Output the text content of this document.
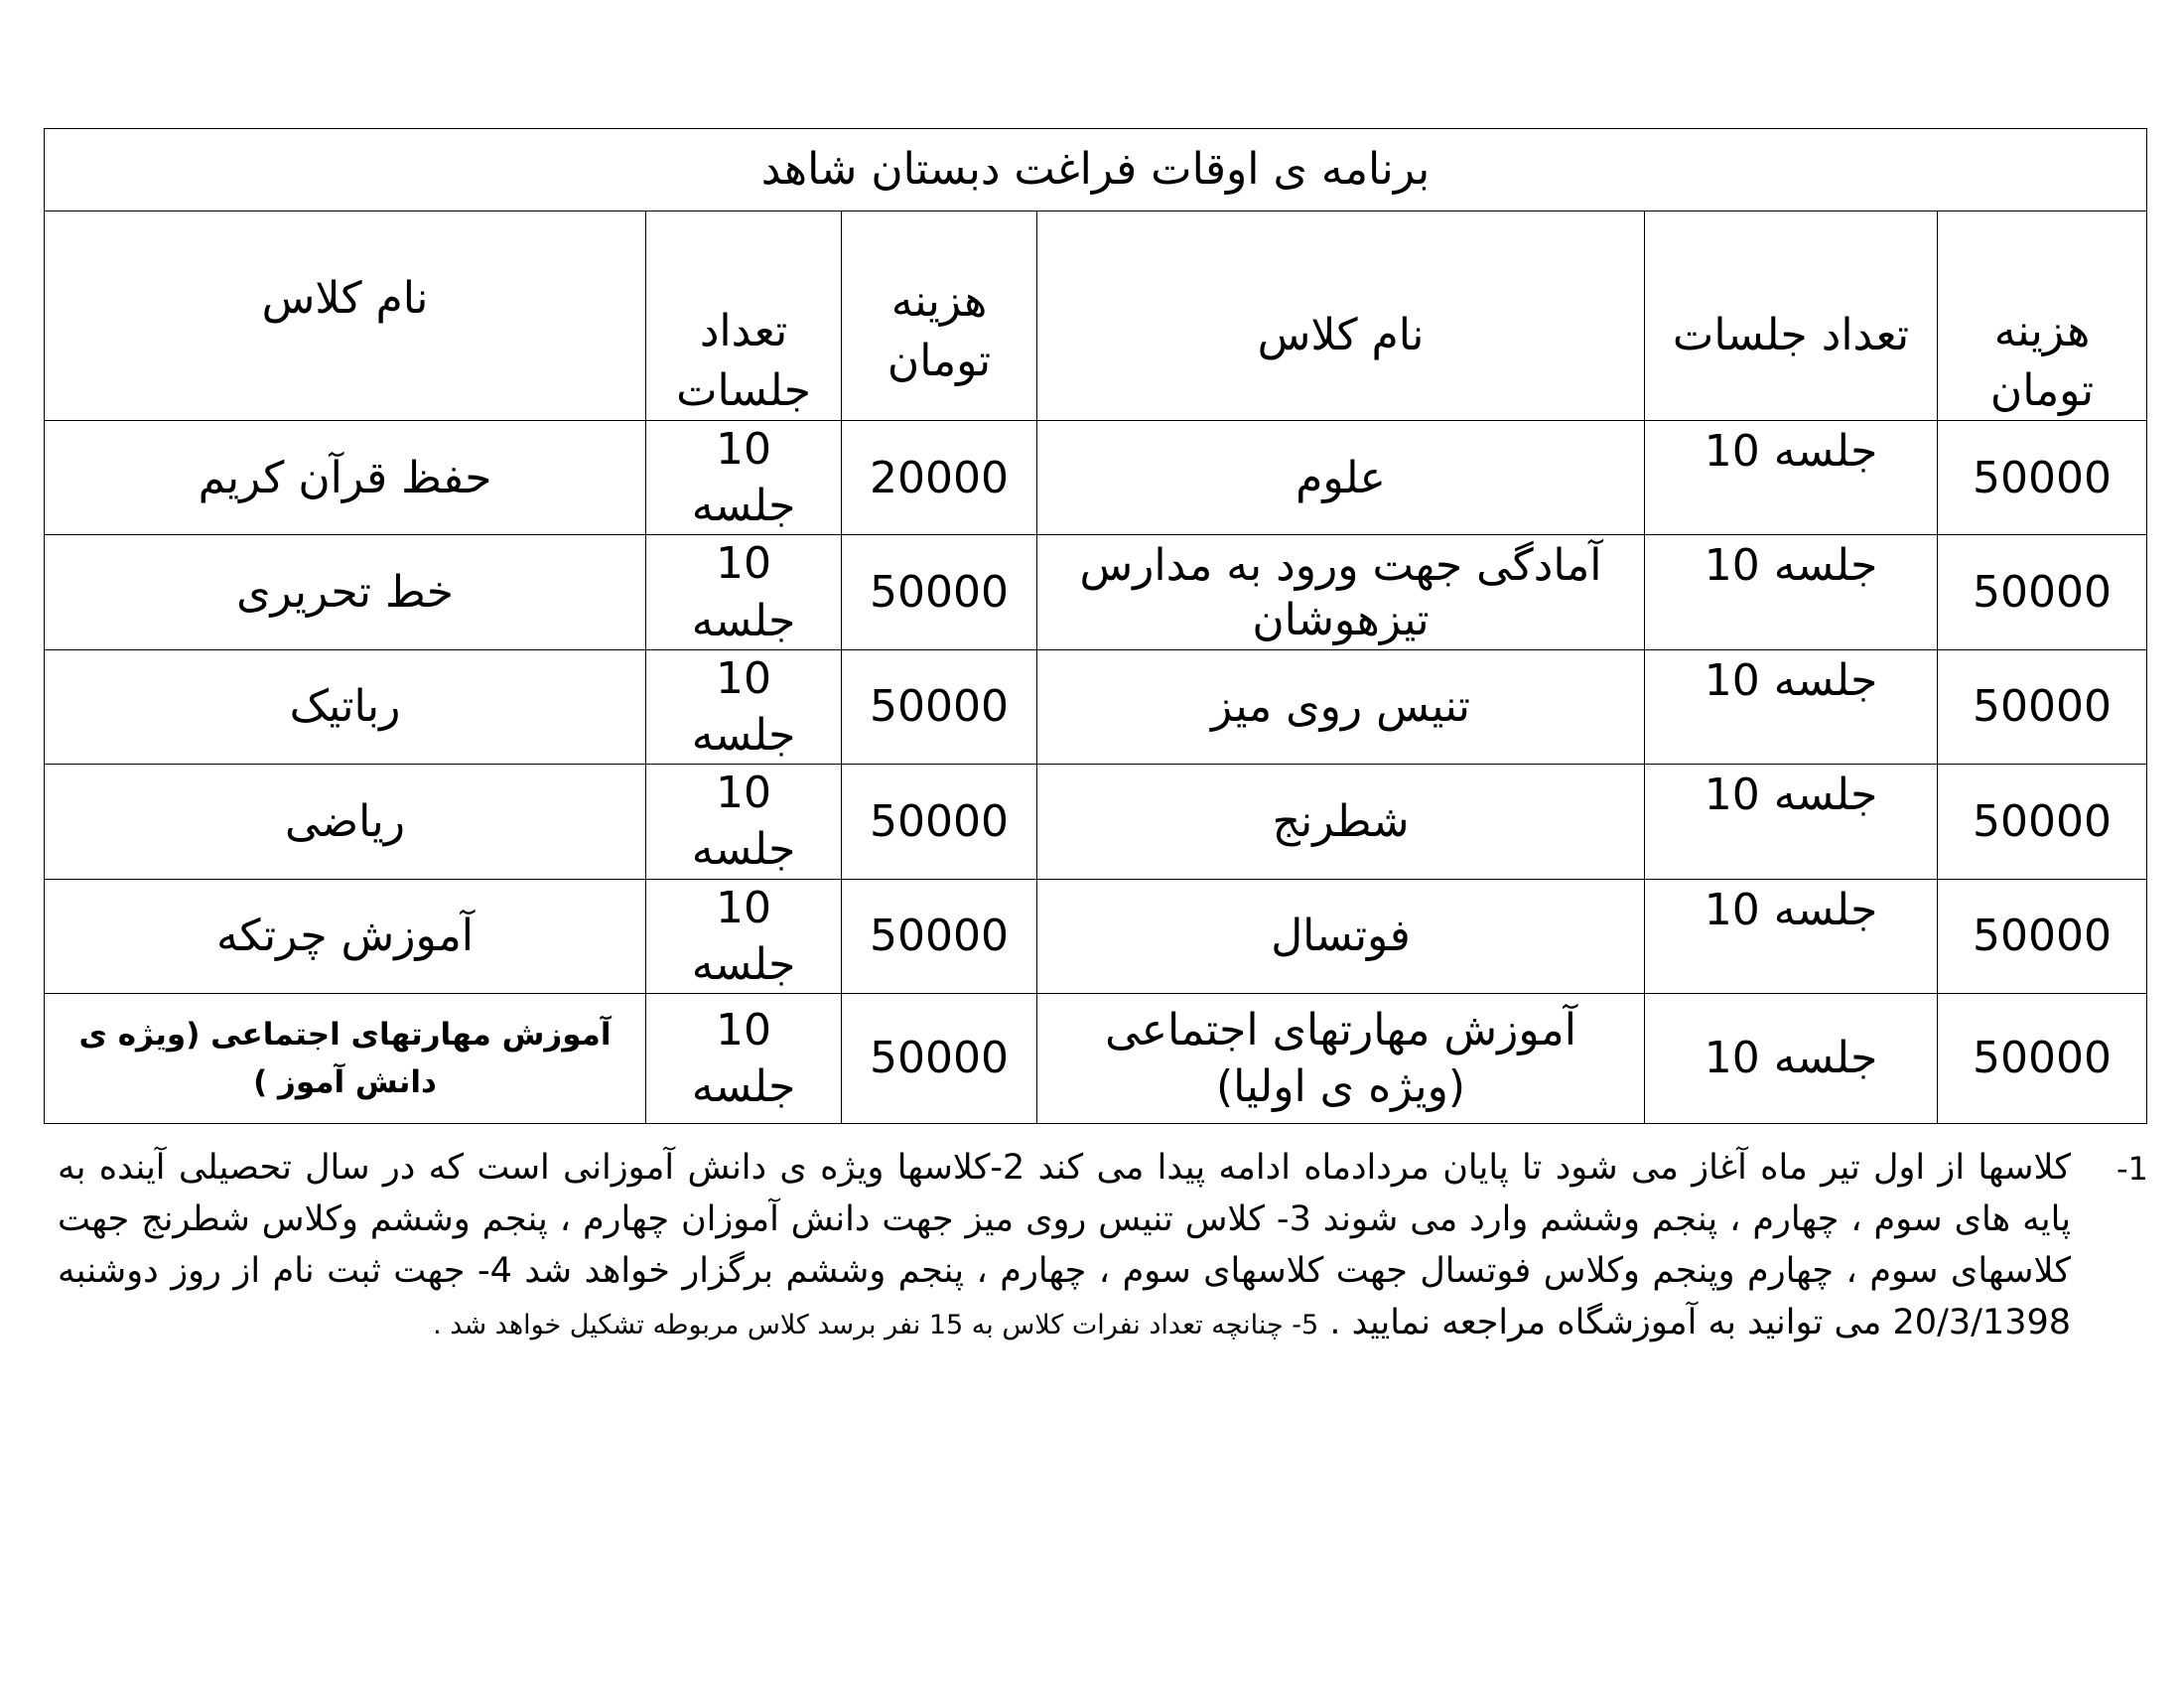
برنامه ی اوقات فراغت دبستان شاهد					

هزینه تومان	تعداد جلسات	نام کلاس	هزینه تومان	تعداد جلسات	نام کلاس
50000	جلسه 10	علوم	20000	10 جلسه	حفظ قرآن کریم
50000	جلسه 10	آمادگی جهت ورود به مدارس تیزهوشان	50000	10 جلسه	خط تحریری
50000	جلسه 10	تنیس روی میز	50000	10 جلسه	رباتیک
50000	جلسه 10	شطرنج	50000	10 جلسه	ریاضی
50000	جلسه 10	فوتسال	50000	10 جلسه	آموزش چرتکه
50000	جلسه 10	آموزش مهارتهای اجتماعی (ویژه ی اولیا)	50000	10 جلسه	آموزش مهارتهای اجتماعی (ویژه ی دانش آموز )
-1
کلاسها از اول تیر ماه آغاز می شود تا پایان مردادماه ادامه پیدا می کند 2-کلاسها ویژه ی دانش آموزانی است که در سال تحصیلی آینده به پایه های سوم ، چهارم ، پنجم وششم وارد می شوند 3- کلاس تنیس روی میز جهت دانش آموزان چهارم ، پنجم وششم وکلاس شطرنج جهت کلاسهای سوم ، چهارم وپنجم وکلاس فوتسال جهت کلاسهای سوم ، چهارم ، پنجم وششم برگزار خواهد شد 4- جهت ثبت نام از روز دوشنبه 20/3/1398 می توانید به آموزشگاه مراجعه نمایید . 5- چنانچه تعداد نفرات کلاس به 15 نفر برسد کلاس مربوطه تشکیل خواهد شد .
